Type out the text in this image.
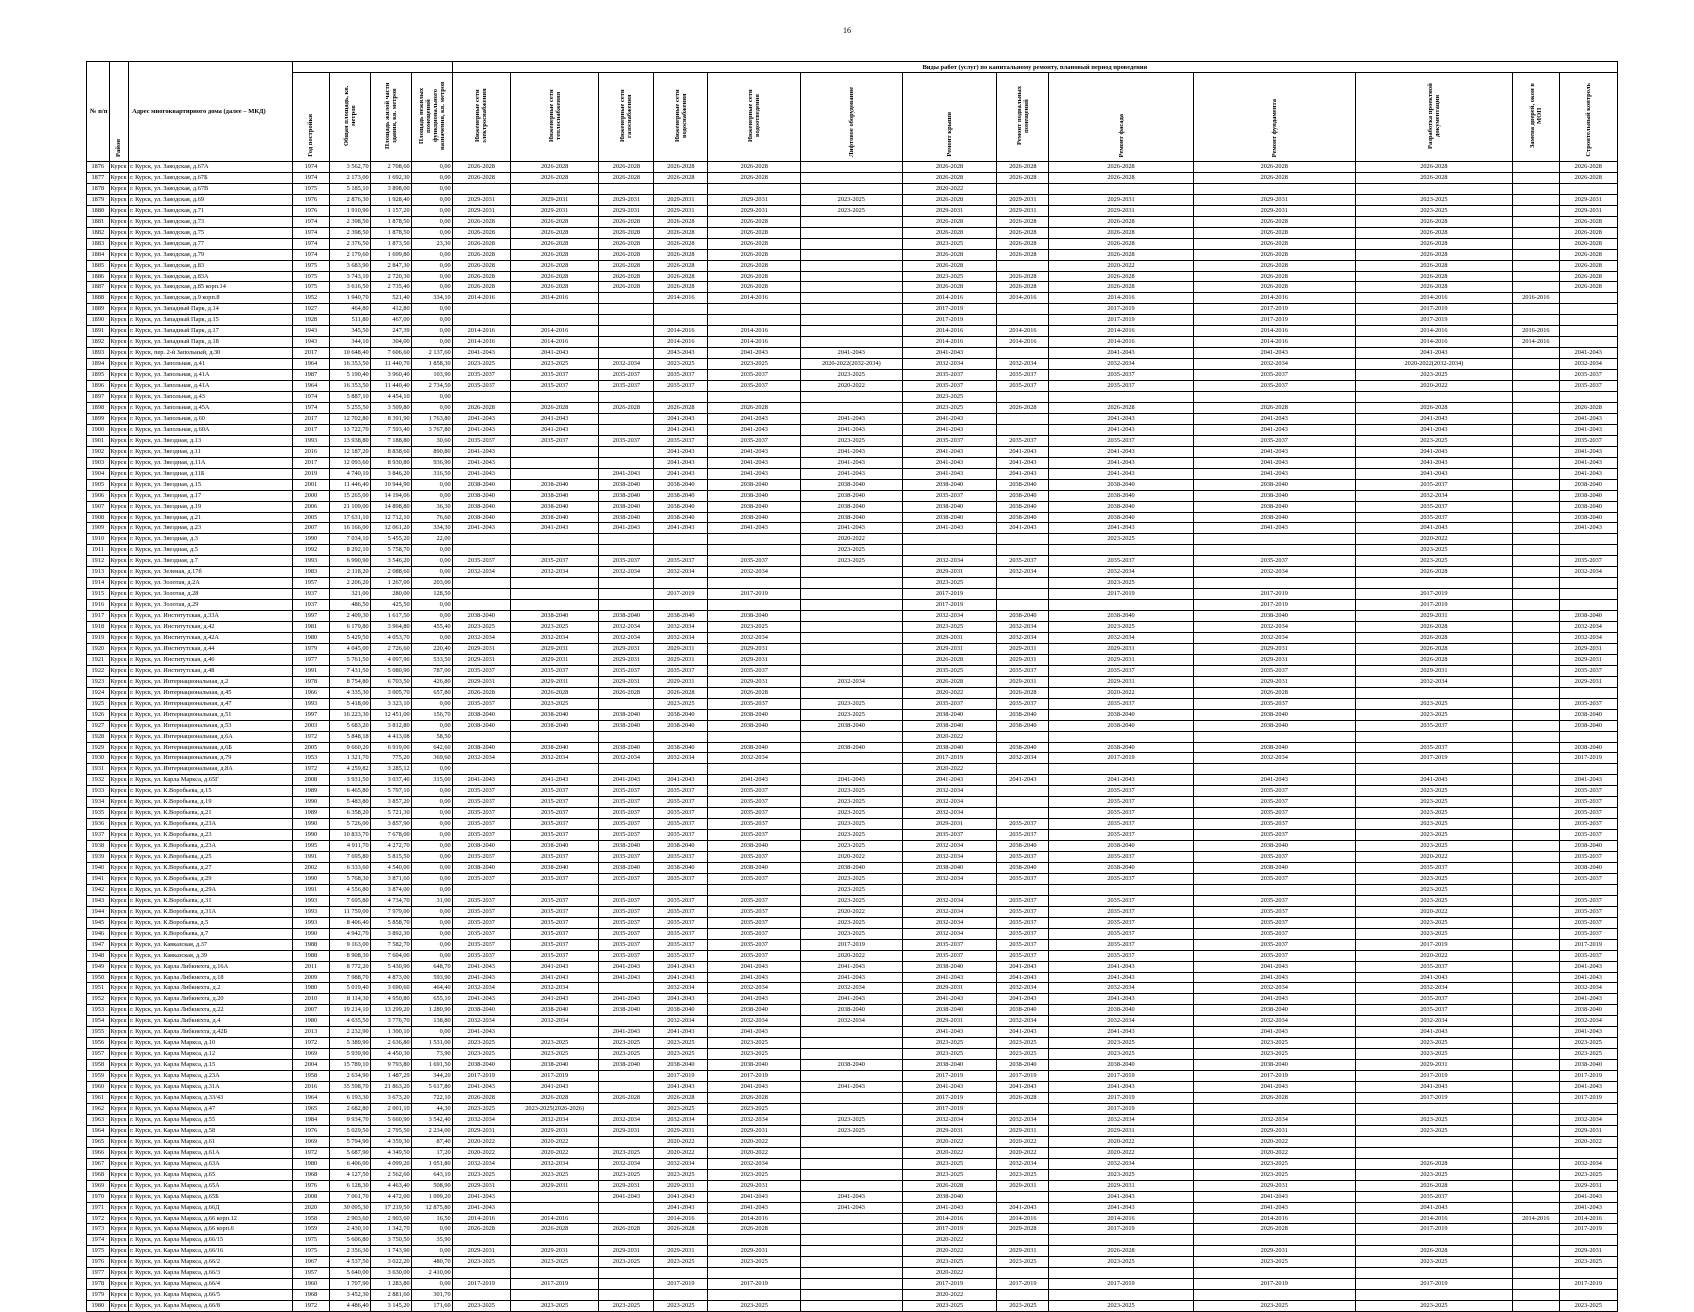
16
№ п/п	Район	Адрес многоквартирного дома (далее – МКД)					Виды работ (услуг) по капитальному ремонту, плановый период проведения												
			Год постройки	Общая площадь, кв. метров	Площадь жилой части здания, кв. метров	Площадь нежилых помещений функционального назначения, кв. метров	Инженерные сети электроснабжения	Инженерные сети теплоснабжения	Инженерные сети газоснабжения	Инженерные сети водоснабжения	Инженерные сети водоотведения	Лифтовое оборудование	Ремонт крыши	Ремонт подвальных помещений	Ремонт фасада	Ремонт фундамента	Разработка проектной документации	Замена дверей, окон в МОП	Строительный контроль
1876	Курск	г. Курск, ул. Заводская, д.67А	1974	3 562,70	2 708,60	0,00	2026-2028	2026-2028	2026-2028	2026-2028	2026-2028		2026-2028	2026-2028	2026-2028	2026-2028	2026-2028		2026-2028
1877	Курск	г. Курск, ул. Заводская, д.67Б	1974	2 173,00	1 692,30	0,00	2026-2028	2026-2028	2026-2028	2026-2028	2026-2028		2026-2028	2026-2028	2026-2028	2026-2028	2026-2028		2026-2028
1878	Курск	г. Курск, ул. Заводская, д.67В	1975	5 185,10	3 898,00	0,00							2020-2022						
1879	Курск	г. Курск, ул. Заводская, д.69	1976	2 876,30	1 928,40	0,00	2029-2031	2029-2031	2029-2031	2029-2031	2029-2031	2023-2025	2026-2028	2029-2031	2029-2031	2029-2031	2023-2025		2029-2031
1880	Курск	г. Курск, ул. Заводская, д.71	1976	1 910,90	1 157,20	0,00	2029-2031	2029-2031	2029-2031	2029-2031	2029-2031	2023-2025	2029-2031	2029-2031	2029-2031	2029-2031	2023-2025		2029-2031
1881	Курск	г. Курск, ул. Заводская, д.73	1974	2 398,50	1 878,50	0,00	2026-2028	2026-2028	2026-2028	2026-2028	2026-2028		2026-2028	2026-2028	2026-2028	2026-2028	2026-2028		2026-2028
1882	Курск	г. Курск, ул. Заводская, д.75	1974	2 398,50	1 878,50	0,00	2026-2028	2026-2028	2026-2028	2026-2028	2026-2028		2026-2028	2026-2028	2026-2028	2026-2028	2026-2028		2026-2028
1883	Курск	г. Курск, ул. Заводская, д.77	1974	2 376,50	1 873,50	23,30	2026-2028	2026-2028	2026-2028	2026-2028	2026-2028		2023-2025	2026-2028	2026-2028	2026-2028	2026-2028		2026-2028
1884	Курск	г. Курск, ул. Заводская, д.79	1974	2 179,60	1 699,80	0,00	2026-2028	2026-2028	2026-2028	2026-2028	2026-2028		2026-2028	2026-2028	2026-2028	2026-2028	2026-2028		2026-2028
1885	Курск	г. Курск, ул. Заводская, д.83	1975	3 683,90	2 847,30	0,00	2026-2028	2026-2028	2026-2028	2026-2028	2026-2028		2026-2028		2020-2022	2026-2028	2026-2028		2026-2028
1886	Курск	г. Курск, ул. Заводская, д.83А	1975	3 743,10	2 720,30	0,00	2026-2028	2026-2028	2026-2028	2026-2028	2026-2028		2023-2025	2026-2028	2026-2028	2026-2028	2026-2028		2026-2028
1887	Курск	г. Курск, ул. Заводская, д.85 корп.14	1975	3 616,50	2 735,40	0,00	2026-2028	2026-2028	2026-2028	2026-2028	2026-2028		2026-2028	2026-2028	2026-2028	2026-2028	2026-2028		2026-2028
1888	Курск	г. Курск, ул. Заводская, д.9 корп.8	1952	1 940,70	521,40	334,10	2014-2016	2014-2016		2014-2016	2014-2016		2014-2016	2014-2016	2014-2016	2014-2016	2014-2016	2016-2016	
1889	Курск	г. Курск, ул. Западный Парк, д.14	1927	464,80	412,80	0,00							2017-2019		2017-2019	2017-2019	2017-2019		
1890	Курск	г. Курск, ул. Западный Парк, д.15	1928	511,80	467,00	0,00							2017-2019		2017-2019	2017-2019	2017-2019		
1891	Курск	г. Курск, ул. Западный Парк, д.17	1943	345,50	247,39	0,00	2014-2016	2014-2016		2014-2016	2014-2016		2014-2016	2014-2016	2014-2016	2014-2016	2014-2016	2016-2016	
1892	Курск	г. Курск, ул. Западный Парк, д.18	1943	344,10	304,00	0,00	2014-2016	2014-2016		2014-2016	2014-2016		2014-2016	2014-2016	2014-2016	2014-2016	2014-2016	2014-2016	
1893	Курск	г. Курск, пер. 2-й Запольный, д.30	2017	10 648,40	7 606,60	2 137,60	2041-2043	2041-2043		2043-2043	2041-2043	2041-2043	2041-2043		2041-2043	2041-2043	2041-2043		2041-2043
1894	Курск	г. Курск, ул. Запольная, д.41	1964	16 353,50	11 440,70	1 858,30	2023-2025	2023-2025	2032-2034	2023-2025	2023-2025	2020-2022(2032-2034)	2032-2034	2032-2034	2032-2034	2032-2034	2020-2022(2032-2034)		2032-2034
1895	Курск	г. Курск, ул. Запольная, д.41А	1987	5 190,40	3 960,40	103,90	2035-2037	2035-2037	2035-2037	2035-2037	2035-2037	2023-2025	2035-2037	2035-2037	2035-2037	2035-2037	2023-2025		2035-2037
1896	Курск	г. Курск, ул. Запольная, д.41А	1964	16 353,50	11 440,40	2 734,50	2035-2037	2035-2037	2035-2037	2035-2037	2035-2037	2020-2022	2035-2037	2035-2037	2035-2037	2035-2037	2020-2022		2035-2037
1897	Курск	г. Курск, ул. Запольная, д.43	1974	5 887,10	4 454,10	0,00							2023-2025						
1898	Курск	г. Курск, ул. Запольная, д.45А	1974	5 255,50	3 509,80	0,00	2026-2028	2026-2028	2026-2028	2026-2028	2026-2028		2023-2025	2026-2028	2026-2028	2026-2028	2026-2028		2026-2028
1899	Курск	г. Курск, ул. Запольная, д.60	2017	12 702,80	8 391,90	1 763,80	2041-2043	2041-2043		2041-2043	2041-2043	2041-2043	2041-2043		2041-2043	2041-2043	2041-2043		2041-2043
1900	Курск	г. Курск, ул. Запольная, д.60А	2017	13 722,70	7 593,40	3 767,80	2041-2043	2041-2043		2041-2043	2041-2043	2041-2043	2041-2043		2041-2043	2041-2043	2041-2043		2041-2043
1901	Курск	г. Курск, ул. Звездная, д.13	1993	13 938,80	7 188,80	30,60	2035-2037	2035-2037	2035-2037	2035-2037	2035-2037	2023-2025	2035-2037	2035-2037	2035-2037	2035-2037	2023-2025		2035-2037
1902	Курск	г. Курск, ул. Звездная, д.11	2016	12 187,20	8 838,60	890,80	2041-2043			2041-2043	2041-2043	2041-2043	2041-2043	2041-2043	2041-2043	2041-2043	2041-2043		2041-2043
1903	Курск	г. Курск, ул. Звездная, д.11А	2017	12 093,60	8 930,80	936,90	2041-2043			2041-2043	2041-2043	2041-2043	2041-2043	2041-2043	2041-2043	2041-2043	2041-2043		2041-2043
1904	Курск	г. Курск, ул. Звездная, д.11Б	2019	4 740,10	3 846,20	316,50	2041-2043		2041-2043	2041-2043	2041-2043	2041-2043	2041-2043	2041-2043	2041-2043	2041-2043	2041-2043		2041-2043
1905	Курск	г. Курск, ул. Звездная, д.15	2001	11 446,40	10 944,90	0,00	2038-2040	2038-2040	2038-2040	2038-2040	2038-2040	2038-2040	2038-2040	2038-2040	2038-2040	2038-2040	2035-2037		2038-2040
1906	Курск	г. Курск, ул. Звездная, д.17	2000	15 265,00	14 194,06	0,00	2038-2040	2038-2040	2038-2040	2038-2040	2038-2040	2038-2040	2035-2037	2038-2040	2038-2040	2038-2040	2032-2034		2038-2040
1907	Курск	г. Курск, ул. Звездная, д.19	2006	21 109,00	14 898,80	36,30	2038-2040	2038-2040	2038-2040	2038-2040	2038-2040	2038-2040	2038-2040	2038-2040	2038-2040	2038-2040	2035-2037		2038-2040
1908	Курск	г. Курск, ул. Звездная, д.21	2005	17 631,10	12 712,10	76,60	2038-2040	2038-2040	2038-2040	2038-2040	2038-2040	2038-2040	2038-2040	2038-2040	2038-2040	2038-2040	2035-2037		2038-2040
1909	Курск	г. Курск, ул. Звездная, д.23	2007	16 166,00	12 061,20	334,30	2041-2043	2041-2043	2041-2043	2041-2043	2041-2043	2041-2043	2041-2043	2041-2043	2041-2043	2041-2043	2041-2043		2041-2043
1910	Курск	г. Курск, ул. Звездная, д.3	1990	7 034,10	5 455,20	22,00						2020-2022			2023-2025		2020-2022		
1911	Курск	г. Курск, ул. Звездная, д.5	1992	8 292,10	5 758,70	0,00						2023-2025					2023-2025		
1912	Курск	г. Курск, ул. Звездная, д.7	1993	6 990,90	3 546,20	0,00	2035-2037	2035-2037	2035-2037	2035-2037	2035-2037	2023-2025	2032-2034	2035-2037	2035-2037	2035-2037	2023-2025		2035-2037
1913	Курск	г. Курск, ул. Зеленая, д.17б	1983	2 118,20	2 088,60	0,00	2032-2034	2032-2034	2032-2034	2032-2034	2032-2034		2029-2031	2032-2034	2032-2034	2032-2034	2026-2028		2032-2034
1914	Курск	г. Курск, ул. Золотая, д.2А	1957	2 206,20	1 267,00	203,00							2023-2025		2023-2025				
1915	Курск	г. Курск, ул. Золотая, д.28	1937	321,00	280,00	128,50				2017-2019	2017-2019		2017-2019		2017-2019	2017-2019	2017-2019		
1916	Курск	г. Курск, ул. Золотая, д.29	1937	486,50	425,50	0,00							2017-2019			2017-2019	2017-2019		
1917	Курск	г. Курск, ул. Институтская, д.33А	1997	2 409,30	1 617,50	0,00	2038-2040	2038-2040	2038-2040	2038-2040	2038-2040		2032-2034	2038-2040	2038-2040	2038-2040	2029-2031		2038-2040
1918	Курск	г. Курск, ул. Институтская, д.42	1981	6 179,80	3 964,80	455,40	2023-2025	2023-2025	2032-2034	2032-2034	2023-2025		2023-2025	2032-2034	2023-2025	2032-2034	2026-2028		2032-2034
1919	Курск	г. Курск, ул. Институтская, д.42А	1980	5 429,50	4 053,70	0,00	2032-2034	2032-2034	2032-2034	2032-2034	2032-2034		2029-2031	2032-2034	2032-2034	2032-2034	2026-2028		2032-2034
1920	Курск	г. Курск, ул. Институтская, д.44	1979	4 045,00	2 726,60	220,40	2029-2031	2029-2031	2029-2031	2029-2031	2029-2031		2029-2031	2029-2031	2029-2031	2029-2031	2026-2028		2029-2031
1921	Курск	г. Курск, ул. Институтская, д.46	1977	5 761,50	4 097,90	533,50	2029-2031	2029-2031	2029-2031	2029-2031	2029-2031		2026-2028	2029-2031	2029-2031	2029-2031	2026-2028		2029-2031
1922	Курск	г. Курск, ул. Институтская, д.48	1991	7 431,50	5 080,90	787,00	2035-2037	2035-2037	2035-2037	2035-2037	2035-2037		2035-2025	2035-2037	2035-2037	2035-2037	2029-2031		2035-2037
1923	Курск	г. Курск, ул. Интернациональная, д.2	1978	8 754,80	6 703,50	426,80	2029-2031	2029-2031	2029-2031	2029-2031	2029-2031	2032-2034	2026-2028	2029-2031	2029-2031	2029-2031	2032-2034		2029-2031
1924	Курск	г. Курск, ул. Интернациональная, д.45	1966	4 335,30	3 005,70	657,80	2026-2028	2026-2028	2026-2028	2026-2028	2026-2028		2020-2022	2026-2028	2020-2022	2026-2028			
1925	Курск	г. Курск, ул. Интернациональная, д.47	1993	5 418,00	3 323,10	0,00	2035-2037	2023-2025		2023-2025	2035-2037	2023-2025	2035-2037	2035-2037	2035-2037	2035-2037	2023-2025		2035-2037
1926	Курск	г. Курск, ул. Интернациональная, д.51	1997	16 223,30	12 451,00	156,70	2038-2040	2038-2040	2038-2040	2038-2040	2038-2040	2023-2025	2038-2040	2038-2040	2038-2040	2038-2040	2023-2025		2038-2040
1927	Курск	г. Курск, ул. Интернациональная, д.53	2003	5 683,20	3 812,80	0,00	2038-2040	2038-2040	2038-2040	2038-2040	2038-2040	2038-2040	2038-2040	2038-2040	2038-2040	2038-2040	2035-2037		2038-2040
1928	Курск	г. Курск, ул. Интернациональная, д.6А	1972	5 848,18	4 413,08	58,50							2020-2022						
1929	Курск	г. Курск, ул. Интернациональная, д.6Б	2005	9 660,20	6 919,00	642,60	2038-2040	2038-2040	2038-2040	2038-2040	2038-2040	2038-2040	2038-2040	2038-2040	2038-2040	2038-2040	2035-2037		2038-2040
1930	Курск	г. Курск, ул. Интернациональная, д.79	1953	1 321,70	775,20	369,60	2032-2034	2032-2034	2032-2034	2032-2034	2032-2034		2017-2019	2032-2034	2017-2019	2032-2034	2017-2019		2017-2019
1931	Курск	г. Курск, ул. Интернациональная, д.8А	1972	4 259,82	3 285,12	0,00							2020-2022						
1932	Курск	г. Курск, ул. Карла Маркса, д.65Г	2008	3 931,50	3 037,40	315,00	2041-2043	2041-2043	2041-2043	2041-2043	2041-2043	2041-2043	2041-2043	2041-2043	2041-2043	2041-2043	2041-2043		2041-2043
1933	Курск	г. Курск, ул. К.Воробьева, д.15	1989	6 465,80	5 797,10	0,00	2035-2037	2035-2037	2035-2037	2035-2037	2035-2037	2023-2025	2032-2034		2035-2037	2035-2037	2023-2025		2035-2037
1934	Курск	г. Курск, ул. К.Воробьева, д.19	1990	5 483,80	3 857,20	0,00	2035-2037	2035-2037	2035-2037	2035-2037	2035-2037	2023-2025	2032-2034		2035-2037	2035-2037	2023-2025		2035-2037
1935	Курск	г. Курск, ул. К.Воробьева, д.21	1989	6 358,20	5 721,30	0,00	2035-2037	2035-2037	2035-2037	2035-2037	2035-2037	2023-2025	2032-2034		2035-2037	2035-2037	2023-2025		2035-2037
1936	Курск	г. Курск, ул. К.Воробьева, д.23А	1990	5 726,00	3 857,90	0,00	2035-2037	2035-2037	2035-2037	2035-2037	2035-2037	2023-2025	2029-2031	2035-2037	2035-2037	2035-2037	2023-2025		2035-2037
1937	Курск	г. Курск, ул. К.Воробьева, д.23	1990	10 833,70	7 678,00	0,00	2035-2037	2035-2037	2035-2037	2035-2037	2035-2037	2023-2025	2035-2037	2035-2037	2035-2037	2035-2037	2023-2025		2035-2037
1938	Курск	г. Курск, ул. К.Воробьева, д.23А	1995	4 911,70	4 272,70	0,00	2038-2040	2038-2040	2038-2040	2038-2040	2038-2040	2023-2025	2032-2034	2038-2040	2038-2040	2038-2040	2023-2025		2038-2040
1939	Курск	г. Курск, ул. К.Воробьева, д.25	1991	7 695,80	5 815,50	0,00	2035-2037	2035-2037	2035-2037	2035-2037	2035-2037	2020-2022	2032-2034	2035-2037	2035-2037	2035-2037	2020-2022		2035-2037
1940	Курск	г. Курск, ул. К.Воробьева, д.27	2002	6 333,60	4 540,00	0,00	2038-2040	2038-2040	2038-2040	2038-2040	2038-2040	2038-2040	2038-2040	2038-2040	2038-2040	2038-2040	2035-2037		2038-2040
1941	Курск	г. Курск, ул. К.Воробьева, д.29	1990	5 768,30	3 871,60	0,00	2035-2037	2035-2037	2035-2037	2035-2037	2035-2037	2023-2025	2032-2034	2035-2037	2035-2037	2035-2037	2023-2025		2035-2037
1942	Курск	г. Курск, ул. К.Воробьева, д.29А	1991	4 556,80	3 874,00	0,00						2023-2025					2023-2025		
1943	Курск	г. Курск, ул. К.Воробьева, д.31	1993	7 695,80	4 734,70	31,00	2035-2037	2035-2037	2035-2037	2035-2037	2035-2037	2023-2025	2032-2034	2035-2037	2035-2037	2035-2037	2023-2025		2035-2037
1944	Курск	г. Курск, ул. К.Воробьева, д.31А	1993	11 759,00	7 979,00	0,00	2035-2037	2035-2037	2035-2037	2035-2037	2035-2037	2020-2022	2032-2034	2035-2037	2035-2037	2035-2037	2020-2022		2035-2037
1945	Курск	г. Курск, ул. К.Воробьева, д.5	1993	8 406,40	5 858,70	0,00	2035-2037	2035-2037	2035-2037	2035-2037	2035-2037	2023-2025	2032-2034	2035-2037	2035-2037	2035-2037	2023-2025		2035-2037
1946	Курск	г. Курск, ул. К.Воробьева, д.7	1990	4 942,70	3 892,30	0,00	2035-2037	2035-2037	2035-2037	2035-2037	2035-2037	2023-2025	2032-2034	2035-2037	2035-2037	2035-2037	2023-2025		2035-2037
1947	Курск	г. Курск, ул. Кавказская, д.37	1988	9 163,00	7 582,70	0,00	2035-2037	2035-2037	2035-2037	2035-2037	2035-2037	2017-2019	2035-2037	2035-2037	2035-2037	2035-2037	2017-2019		2017-2019
1948	Курск	г. Курск, ул. Кавказская, д.39	1988	8 908,30	7 604,00	0,00	2035-2037	2035-2037	2035-2037	2035-2037	2035-2037	2020-2022	2035-2037	2035-2037	2035-2037	2035-2037	2020-2022		2035-2037
1949	Курск	г. Курск, ул. Карла Либкнехта, д.16А	2011	8 772,20	5 430,90	648,70	2041-2043	2041-2043	2041-2043	2041-2043	2041-2043	2041-2043	2038-2040	2041-2043	2041-2043	2041-2043	2035-2037		2041-2043
1950	Курск	г. Курск, ул. Карла Либкнехта, д.18	2009	7 988,70	4 873,00	593,90	2041-2043	2041-2043	2041-2043	2041-2043	2041-2043	2041-2043	2041-2043	2041-2043	2041-2043	2041-2043	2041-2043		2041-2043
1951	Курск	г. Курск, ул. Карла Либкнехта, д.2	1980	5 019,40	3 690,60	464,40	2032-2034	2032-2034		2032-2034	2032-2034	2032-2034	2029-2031	2032-2034	2032-2034	2032-2034	2032-2034		2032-2034
1952	Курск	г. Курск, ул. Карла Либкнехта, д.20	2010	8 114,30	4 950,80	655,10	2041-2043	2041-2043	2041-2043	2041-2043	2041-2043	2041-2043	2041-2043	2041-2043	2041-2043	2041-2043	2035-2037		2041-2043
1953	Курск	г. Курск, ул. Карла Либкнехта, д.22	2007	19 214,10	13 299,20	1 280,90	2038-2040	2038-2040	2038-2040	2038-2040	2038-2040	2038-2040	2038-2040	2038-2040	2038-2040	2038-2040	2035-2037		2038-2040
1954	Курск	г. Курск, ул. Карла Либкнехта, д.4	1980	4 635,50	3 776,70	138,80	2032-2034	2032-2034		2032-2034	2032-2034	2032-2034	2029-2031	2032-2034	2032-2034	2032-2034	2032-2034		2032-2034
1955	Курск	г. Курск, ул. Карла Либкнехта, д.42Б	2013	2 232,90	1 300,10	0,00	2041-2043		2041-2043	2041-2043	2041-2043		2041-2043	2041-2043	2041-2043	2041-2043	2041-2043		2041-2043
1956	Курск	г. Курск, ул. Карла Маркса, д.10	1972	5 389,90	2 636,80	1 531,00	2023-2025	2023-2025	2023-2025	2023-2025	2023-2025		2023-2025	2023-2025	2023-2025	2023-2025	2023-2025		2023-2025
1957	Курск	г. Курск, ул. Карла Маркса, д.12	1969	5 939,90	4 450,30	73,90	2023-2025	2023-2025	2023-2025	2023-2025	2023-2025		2023-2025	2023-2025	2023-2025	2023-2025	2023-2025		2023-2025
1958	Курск	г. Курск, ул. Карла Маркса, д.15	2004	15 789,10	9 793,80	1 691,50	2038-2040	2038-2040	2038-2040	2038-2040	2038-2040	2038-2040	2038-2040	2038-2040	2038-2040	2038-2040	2029-2031		2038-2040
1959	Курск	г. Курск, ул. Карла Маркса, д.23А	1958	2 634,90	1 487,29	344,20	2017-2019	2017-2019		2017-2019	2017-2019		2017-2019	2017-2019	2017-2019	2017-2019	2017-2019		2017-2019
1960	Курск	г. Курск, ул. Карла Маркса, д.31А	2016	35 598,70	21 863,20	5 617,80	2041-2043	2041-2043		2041-2043	2041-2043	2041-2043	2041-2043	2041-2043	2041-2043	2041-2043	2041-2043		2041-2043
1961	Курск	г. Курск, ул. Карла Маркса, д.33/43	1964	6 193,30	3 673,20	722,10	2026-2028	2026-2028	2026-2028	2026-2028	2026-2028		2017-2019	2026-2028	2017-2019	2026-2028	2017-2019		2017-2019
1962	Курск	г. Курск, ул. Карла Маркса, д.47	1965	2 682,80	2 001,10	44,30	2023-2025	2023-2025(2026-2026)		2023-2025	2023-2025		2017-2019		2017-2019				
1963	Курск	г. Курск, ул. Карла Маркса, д.55	1984	9 934,70	5 660,90	3 542,40	2032-2034	2032-2034	2032-2034	2032-2034	2032-2034	2023-2025	2032-2034	2032-2034	2032-2034	2032-2034	2023-2025		2032-2034
1964	Курск	г. Курск, ул. Карла Маркса, д.58	1976	5 029,50	2 795,50	2 234,00	2029-2031	2029-2031	2029-2031	2029-2031	2029-2031	2023-2025	2029-2031	2029-2031	2029-2031	2029-2031	2023-2025		2029-2031
1965	Курск	г. Курск, ул. Карла Маркса, д.61	1969	5 794,90	4 359,30	87,40	2020-2022	2020-2022		2020-2022	2020-2022		2020-2022	2020-2022	2020-2022	2020-2022			2020-2022
1966	Курск	г. Курск, ул. Карла Маркса, д.61А	1972	5 687,90	4 349,50	17,20	2020-2022	2020-2022	2023-2025	2020-2022	2020-2022		2020-2022	2020-2022	2020-2022	2020-2022			
1967	Курск	г. Курск, ул. Карла Маркса, д.63А	1980	6 406,00	4 099,20	1 051,80	2032-2034	2032-2034	2032-2034	2032-2034	2032-2034		2023-2025	2032-2034	2032-2034	2023-2025	2026-2028		2032-2034
1968	Курск	г. Курск, ул. Карла Маркса, д.65	1968	4 127,50	2 562,60	643,10	2023-2025	2023-2025	2023-2025	2023-2025	2023-2025		2023-2025	2023-2025	2023-2025	2023-2025	2023-2025		2023-2025
1969	Курск	г. Курск, ул. Карла Маркса, д.65А	1976	6 128,30	4 463,40	508,90	2029-2031	2029-2031	2029-2031	2029-2031	2029-2031		2026-2028	2029-2031	2029-2031	2029-2031	2026-2028		2029-2031
1970	Курск	г. Курск, ул. Карла Маркса, д.65Б	2008	7 061,70	4 472,00	1 099,20	2041-2043		2041-2043	2041-2043	2041-2043	2041-2043	2038-2040		2041-2043	2041-2043	2035-2037		2041-2043
1971	Курск	г. Курск, ул. Карла Маркса, д.66Д	2020	30 095,30	17 219,50	12 875,80	2041-2043			2041-2043	2041-2043	2041-2043	2041-2043	2041-2043	2041-2043	2041-2043	2041-2043		2041-2043
1972	Курск	г. Курск, ул. Карла Маркса, д.66 корп.12	1958	2 903,60	2 903,60	16,50	2014-2016	2014-2016		2014-2016	2014-2016		2014-2016	2014-2016	2014-2016	2014-2016	2014-2016	2014-2016	2014-2016
1973	Курск	г. Курск, ул. Карла Маркса, д.66 корп.6	1959	2 430,10	1 342,70	0,00	2026-2028	2026-2028	2026-2028	2026-2028	2026-2028		2017-2019	2029-2028	2017-2019	2026-2028	2017-2019		2017-2019
1974	Курск	г. Курск, ул. Карла Маркса, д.66/15	1975	5 606,80	3 750,50	35,90							2020-2022						
1975	Курск	г. Курск, ул. Карла Маркса, д.66/16	1975	2 356,30	1 743,90	0,00	2029-2031	2029-2031	2029-2031	2029-2031	2029-2031		2020-2022	2029-2031	2026-2028	2029-2031	2026-2028		2029-2031
1976	Курск	г. Курск, ул. Карла Маркса, д.66/2	1967	4 537,50	3 022,20	480,70	2023-2025	2023-2025	2023-2025	2023-2025	2023-2025		2023-2025	2023-2025	2023-2025	2023-2025	2023-2025		2023-2025
1977	Курск	г. Курск, ул. Карла Маркса, д.66/3	1957	5 640,00	3 630,00	2 410,00							2020-2022						
1978	Курск	г. Курск, ул. Карла Маркса, д.66/4	1960	1 707,90	1 283,80	0,00	2017-2019	2017-2019		2017-2019	2017-2019		2017-2019	2017-2019	2017-2019	2017-2019	2017-2019		2017-2019
1979	Курск	г. Курск, ул. Карла Маркса, д.66/5	1968	3 452,30	2 881,60	301,70							2020-2022						
1980	Курск	г. Курск, ул. Карла Маркса, д.66/8	1972	4 486,40	3 145,20	171,60	2023-2025	2023-2025	2023-2025	2023-2025	2023-2025		2023-2025	2023-2025	2023-2025	2023-2025	2023-2025		2023-2025
